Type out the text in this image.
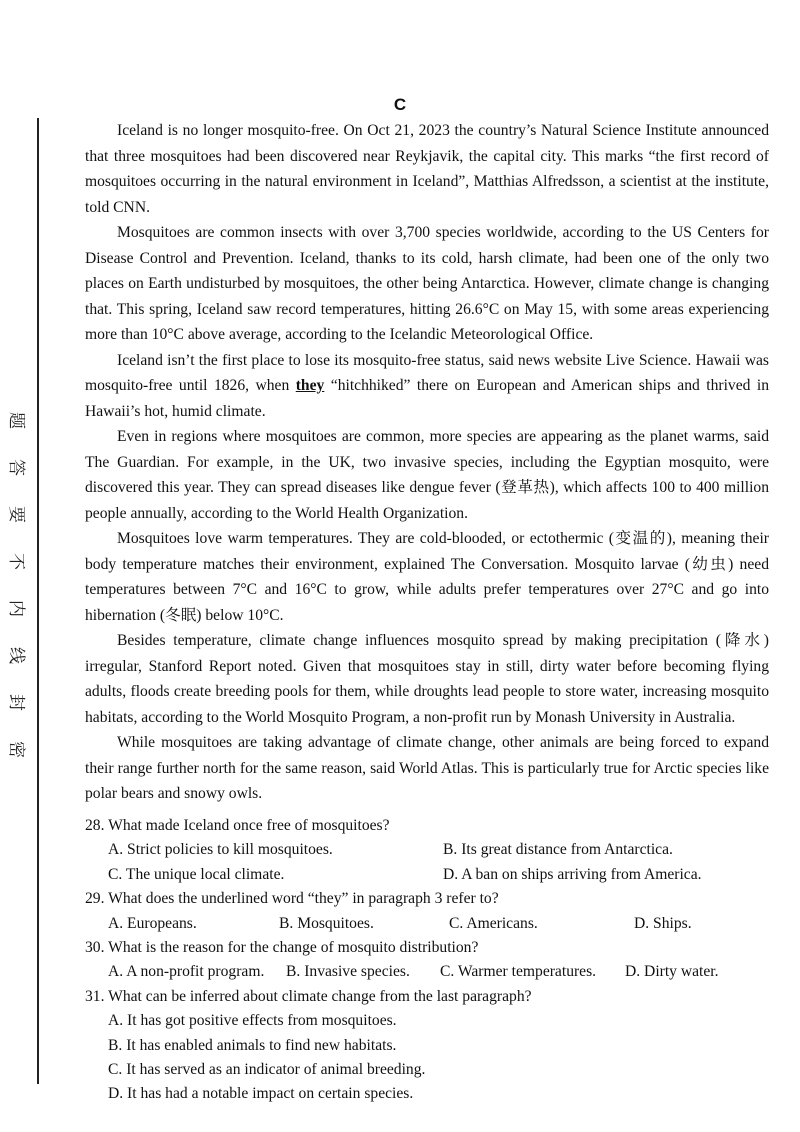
题
答
要
不
内
线
封
密
C

Iceland is no longer mosquito-free. On Oct 21, 2023 the country’s Natural Science Institute announced that three mosquitoes had been discovered near Reykjavik, the capital city. This marks “the first record of mosquitoes occurring in the natural environment in Iceland”, Matthias Alfredsson, a scientist at the institute, told CNN.

Mosquitoes are common insects with over 3,700 species worldwide, according to the US Centers for Disease Control and Prevention. Iceland, thanks to its cold, harsh climate, had been one of the only two places on Earth undisturbed by mosquitoes, the other being Antarctica. However, climate change is changing that. This spring, Iceland saw record temperatures, hitting 26.6°C on May 15, with some areas experiencing more than 10°C above average, according to the Icelandic Meteorological Office.

Iceland isn’t the first place to lose its mosquito-free status, said news website Live Science. Hawaii was mosquito-free until 1826, when they “hitchhiked” there on European and American ships and thrived in Hawaii’s hot, humid climate.

Even in regions where mosquitoes are common, more species are appearing as the planet warms, said The Guardian. For example, in the UK, two invasive species, including the Egyptian mosquito, were discovered this year. They can spread diseases like dengue fever (登革热), which affects 100 to 400 million people annually, according to the World Health Organization.

Mosquitoes love warm temperatures. They are cold-blooded, or ectothermic (变温的), meaning their body temperature matches their environment, explained The Conversation. Mosquito larvae (幼虫) need temperatures between 7°C and 16°C to grow, while adults prefer temperatures over 27°C and go into hibernation (冬眠) below 10°C.

Besides temperature, climate change influences mosquito spread by making precipitation (降水) irregular, Stanford Report noted. Given that mosquitoes stay in still, dirty water before becoming flying adults, floods create breeding pools for them, while droughts lead people to store water, increasing mosquito habitats, according to the World Mosquito Program, a non-profit run by Monash University in Australia.

While mosquitoes are taking advantage of climate change, other animals are being forced to expand their range further north for the same reason, said World Atlas. This is particularly true for Arctic species like polar bears and snowy owls.

28. What made Iceland once free of mosquitoes?

A. Strict policies to kill mosquitoes.	B. Its great distance from Antarctica.
C. The unique local climate.	D. A ban on ships arriving from America.

29. What does the underlined word “they” in paragraph 3 refer to?

A. Europeans.	B. Mosquitoes.	C. Americans.	D. Ships.

30. What is the reason for the change of mosquito distribution?

A. A non-profit program.	B. Invasive species.	C. Warmer temperatures.	D. Dirty water.

31. What can be inferred about climate change from the last paragraph?

A. It has got positive effects from mosquitoes.
B. It has enabled animals to find new habitats.
C. It has served as an indicator of animal breeding.
D. It has had a notable impact on certain species.
